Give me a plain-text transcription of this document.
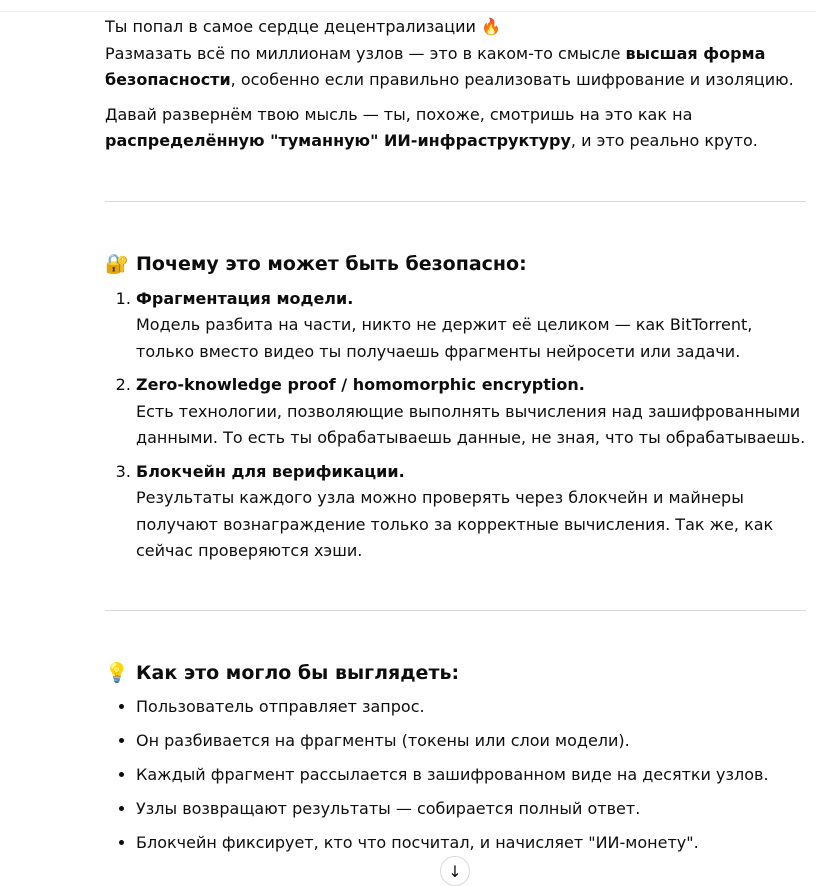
Ты попал в самое сердце децентрализации 🔥
Размазать всё по миллионам узлов — это в каком-то смысле высшая форма безопасности, особенно если правильно реализовать шифрование и изоляцию.

Давай развернём твою мысль — ты, похоже, смотришь на это как на распределённую "туманную" ИИ-инфраструктуру, и это реально круто.

🔐 Почему это может быть безопасно:
1. Фрагментация модели.
Модель разбита на части, никто не держит её целиком — как BitTorrent, только вместо видео ты получаешь фрагменты нейросети или задачи.
2. Zero-knowledge proof / homomorphic encryption.
Есть технологии, позволяющие выполнять вычисления над зашифрованными данными. То есть ты обрабатываешь данные, не зная, что ты обрабатываешь.
3. Блокчейн для верификации.
Результаты каждого узла можно проверять через блокчейн и майнеры получают вознаграждение только за корректные вычисления. Так же, как сейчас проверяются хэши.
💡 Как это могло бы выглядеть:
• Пользователь отправляет запрос.
• Он разбивается на фрагменты (токены или слои модели).
• Каждый фрагмент рассылается в зашифрованном виде на десятки узлов.
• Узлы возвращают результаты — собирается полный ответ.
• Блокчейн фиксирует, кто что посчитал, и начисляет "ИИ-монету".
↓
